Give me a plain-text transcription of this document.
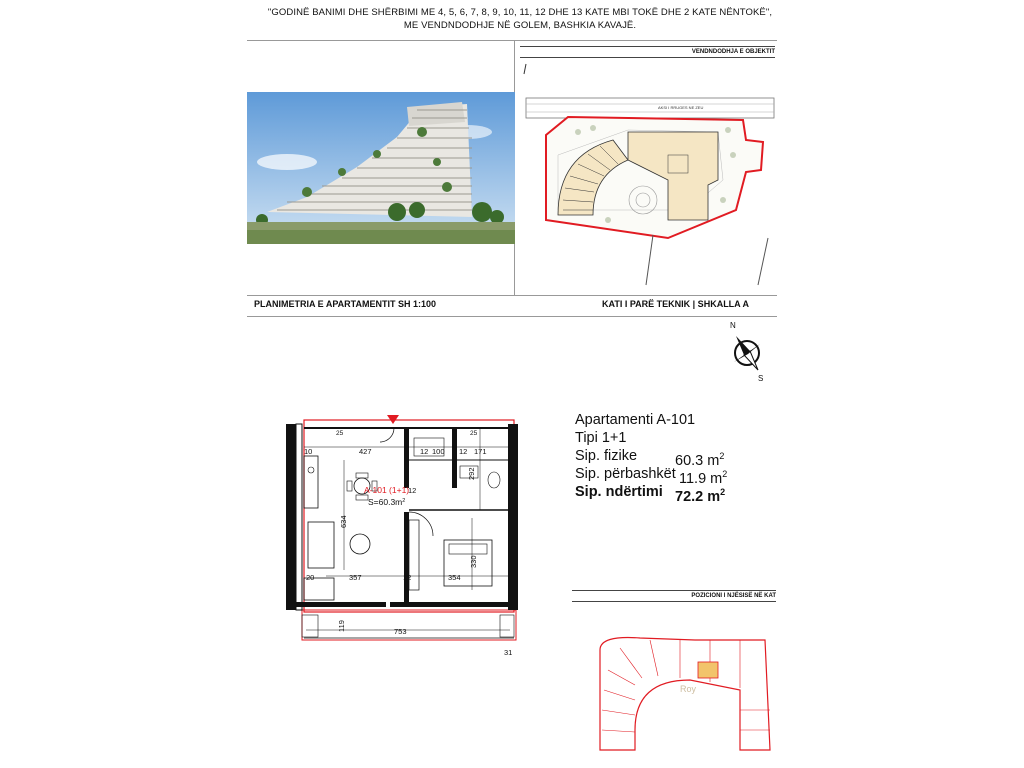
"GODINË BANIMI DHE SHËRBIMI ME 4, 5, 6, 7, 8, 9, 10, 11, 12 DHE 13 KATE MBI TOKË DHE 2 KATE NËNTOKË",
ME VENDNDODHJE NË GOLEM, BASHKIA KAVAJË.
VENDNDODHJA E OBJEKTIT
AKSI I RRUGES NE ZEU
PLANIMETRIA E APARTAMENTIT SH 1:100	KATI I PARË TEKNIK | SHKALLA A
N
S
Apartamenti A-101
Tipi 1+1
Sip. fizike	60.3 $m^2$
Sip. përbashkët 11.9 $m^2$
Sip. ndërtimi 72.2 $m^2$
10	427	12 100 12 171
20	357	12	354
753
31
12
25	25
634
330
292
119
A-101 (1+1)
$S=60.3m^2$
POZICIONI I NJËSISË NË KAT
Roy
